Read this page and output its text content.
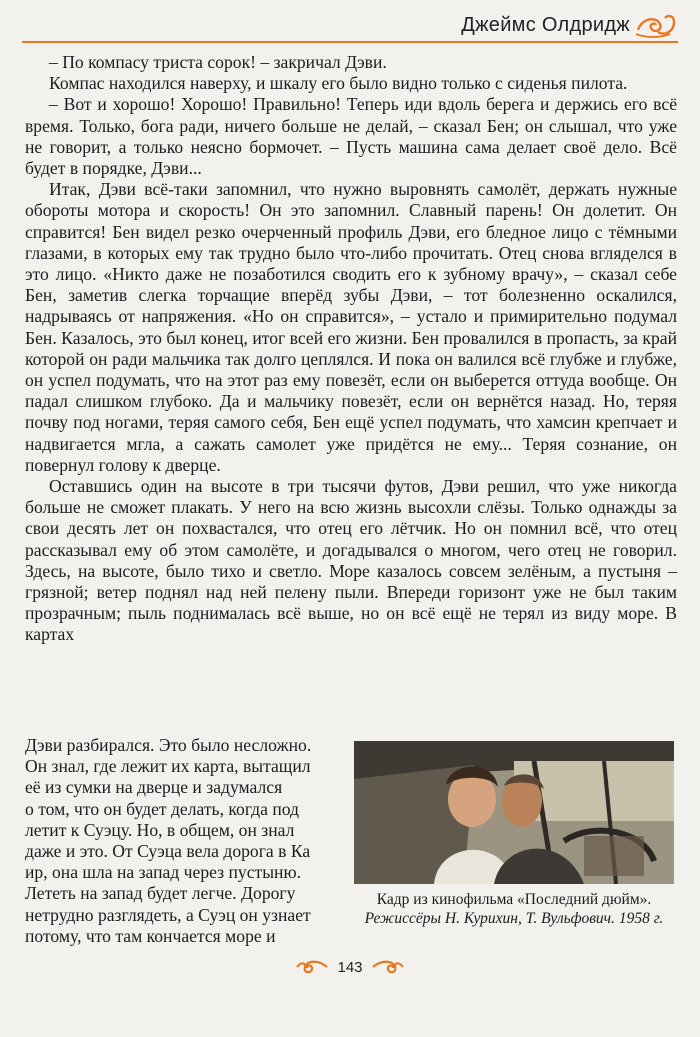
Джеймс Олдридж

– По компасу триста сорок! – закричал Дэви.

Компас находился наверху, и шкалу его было видно только с сиденья пилота.

– Вот и хорошо! Хорошо! Правильно! Теперь иди вдоль берега и держись его всё время. Только, бога ради, ничего больше не делай, – сказал Бен; он слышал, что уже не говорит, а только неясно бормочет. – Пусть машина сама делает своё дело. Всё будет в порядке, Дэви...

Итак, Дэви всё-таки запомнил, что нужно выровнять самолёт, держать нужные обороты мотора и скорость! Он это запомнил. Славный парень! Он долетит. Он справится! Бен видел резко очерченный профиль Дэви, его бледное лицо с тёмными глазами, в которых ему так трудно было что-либо прочитать. Отец снова вгляделся в это лицо. «Никто даже не позаботился сводить его к зубному врачу», – сказал себе Бен, заметив слегка торчащие вперёд зубы Дэви, – тот болезненно оскалился, надрываясь от напряжения. «Но он справится», – устало и примирительно подумал Бен. Казалось, это был конец, итог всей его жизни. Бен провалился в пропасть, за край которой он ради мальчика так долго цеплялся. И пока он валился всё глубже и глубже, он успел подумать, что на этот раз ему повезёт, если он выберется оттуда вообще. Он падал слишком глубоко. Да и мальчику повезёт, если он вернётся назад. Но, теряя почву под ногами, теряя самого себя, Бен ещё успел подумать, что хамсин крепчает и надвигается мгла, а сажать самолет уже придётся не ему... Теряя сознание, он повернул голову к дверце.

Оставшись один на высоте в три тысячи футов, Дэви решил, что уже никогда больше не сможет плакать. У него на всю жизнь высохли слёзы. Только однажды за свои десять лет он похвастался, что отец его лётчик. Но он помнил всё, что отец рассказывал ему об этом самолёте, и догадывался о многом, чего отец не говорил. Здесь, на высоте, было тихо и светло. Море казалось совсем зелёным, а пустыня – грязной; ветер поднял над ней пелену пыли. Впереди горизонт уже не был таким прозрачным; пыль поднималась всё выше, но он всё ещё не терял из виду море. В картах

Дэви разбирался. Это было несложно.

Он знал, где лежит их карта, вытащил

её из сумки на дверце и задумался

о том, что он будет делать, когда под

летит к Суэцу. Но, в общем, он знал

даже и это. От Суэца вела дорога в Ка

ир, она шла на запад через пустыню.

Лететь на запад будет легче. Дорогу

нетрудно разглядеть, а Суэц он узнает

потому, что там кончается море и

Кадр из кинофильма «Последний дюйм». Режиссёры Н. Курихин, Т. Вульфович. 1958 г.
143
